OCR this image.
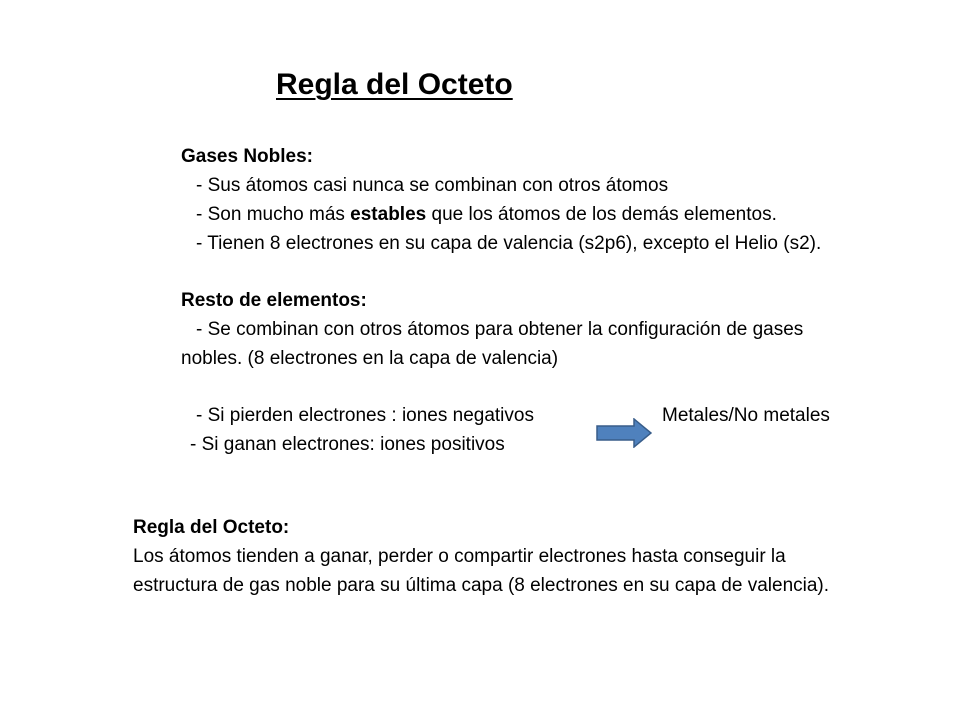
Regla del Octeto
Gases Nobles:
- Sus átomos casi nunca se combinan con otros átomos
- Son mucho más estables que los átomos de los demás elementos.
- Tienen 8 electrones en su capa de valencia (s2p6), excepto el Helio (s2).
Resto de elementos:
- Se combinan con otros átomos para obtener la configuración de gases
nobles. (8 electrones en la capa de valencia)
- Si pierden electrones : iones negativos
- Si ganan electrones: iones positivos
Metales/No metales
Regla del Octeto:
Los átomos tienden a ganar, perder o compartir electrones hasta conseguir la
estructura de gas noble para su última capa (8 electrones en su capa de valencia).
